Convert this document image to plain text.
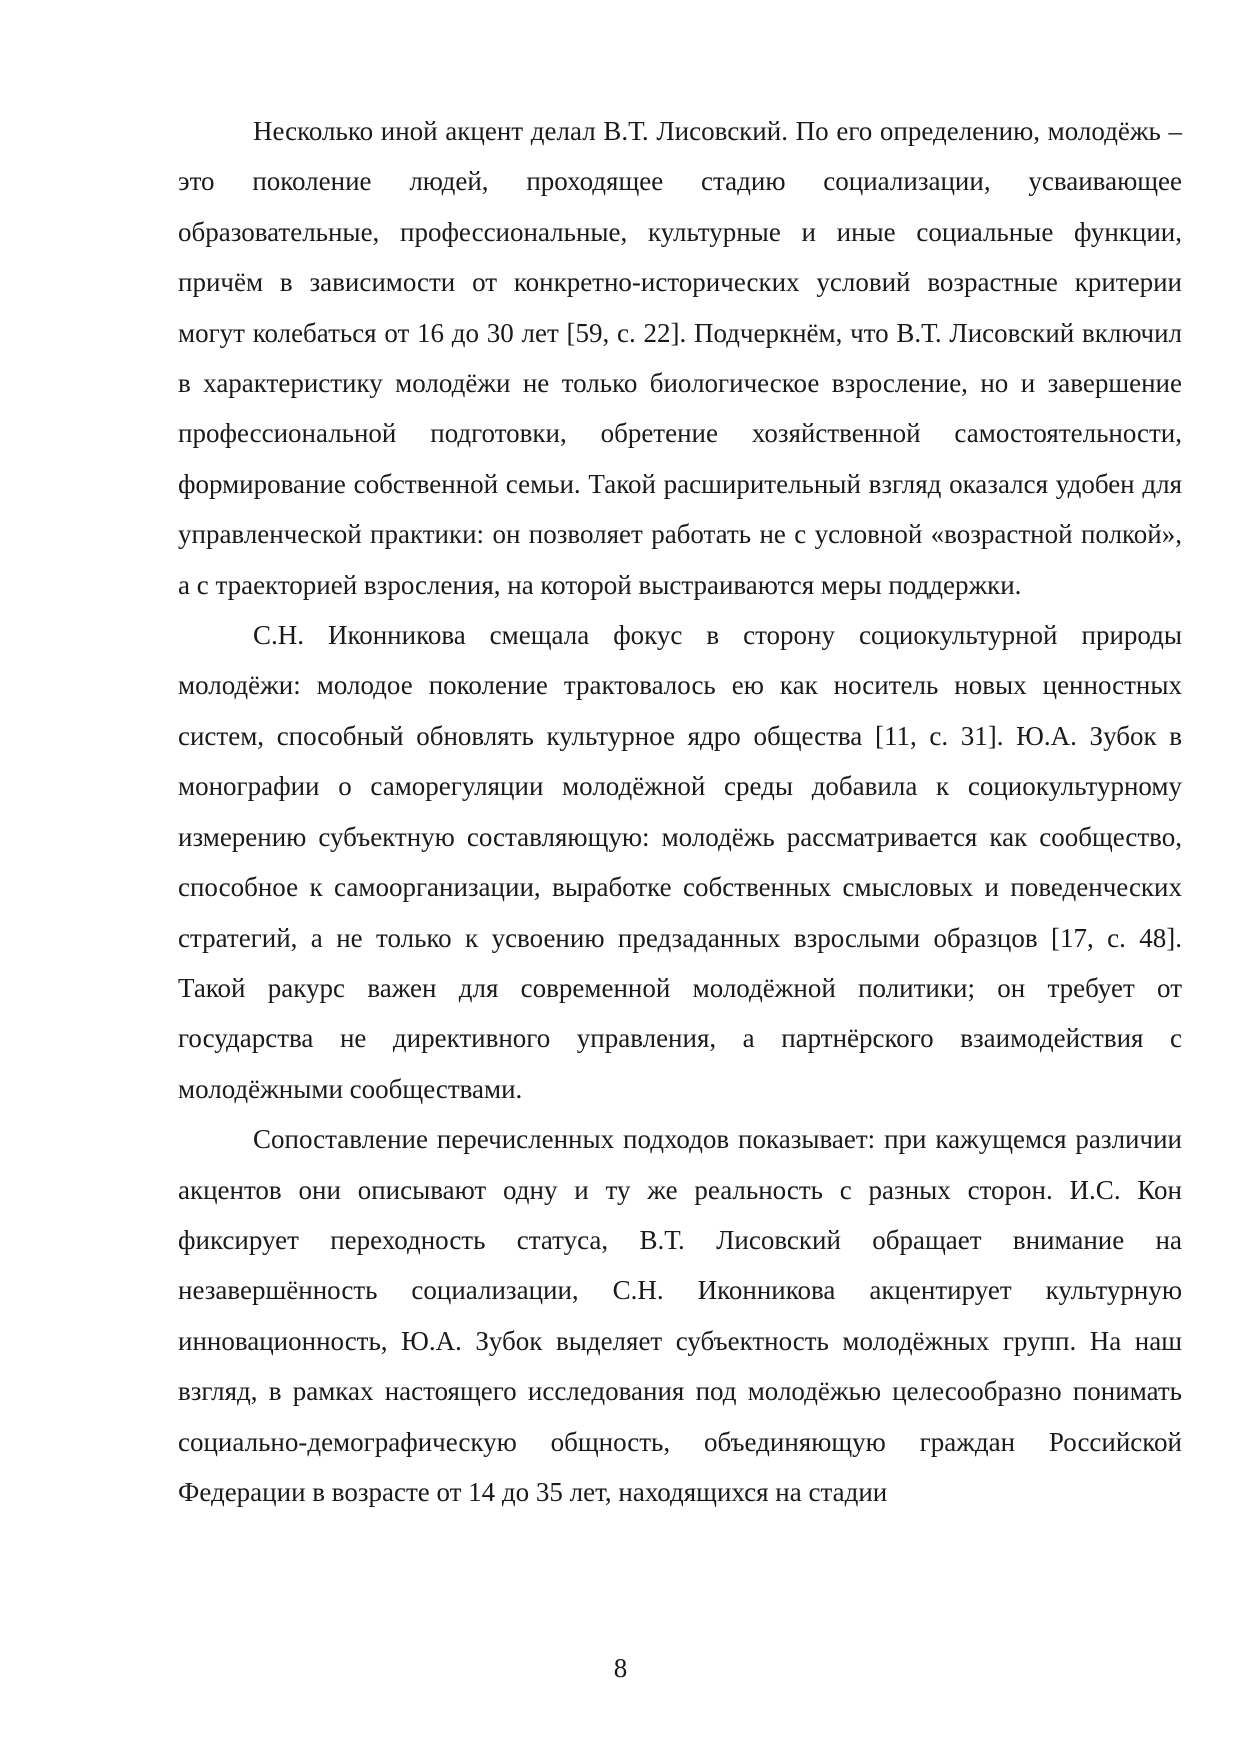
Несколько иной акцент делал В.Т. Лисовский. По его определению, молодёжь – это поколение людей, проходящее стадию социализации, усваивающее образовательные, профессиональные, культурные и иные социальные функции, причём в зависимости от конкретно-исторических условий возрастные критерии могут колебаться от 16 до 30 лет [59, с. 22]. Подчеркнём, что В.Т. Лисовский включил в характеристику молодёжи не только биологическое взросление, но и завершение профессиональной подготовки, обретение хозяйственной самостоятельности, формирование собственной семьи. Такой расширительный взгляд оказался удобен для управленческой практики: он позволяет работать не с условной «возрастной полкой», а с траекторией взросления, на которой выстраиваются меры поддержки.

С.Н. Иконникова смещала фокус в сторону социокультурной природы молодёжи: молодое поколение трактовалось ею как носитель новых ценностных систем, способный обновлять культурное ядро общества [11, с. 31]. Ю.А. Зубок в монографии о саморегуляции молодёжной среды добавила к социокультурному измерению субъектную составляющую: молодёжь рассматривается как сообщество, способное к самоорганизации, выработке собственных смысловых и поведенческих стратегий, а не только к усвоению предзаданных взрослыми образцов [17, с. 48]. Такой ракурс важен для современной молодёжной политики; он требует от государства не директивного управления, а партнёрского взаимодействия с молодёжными сообществами.

Сопоставление перечисленных подходов показывает: при кажущемся различии акцентов они описывают одну и ту же реальность с разных сторон. И.С. Кон фиксирует переходность статуса, В.Т. Лисовский обращает внимание на незавершённость социализации, С.Н. Иконникова акцентирует культурную инновационность, Ю.А. Зубок выделяет субъектность молодёжных групп. На наш взгляд, в рамках настоящего исследования под молодёжью целесообразно понимать социально-демографическую общность, объединяющую граждан Российской Федерации в возрасте от 14 до 35 лет, находящихся на стадии

8
